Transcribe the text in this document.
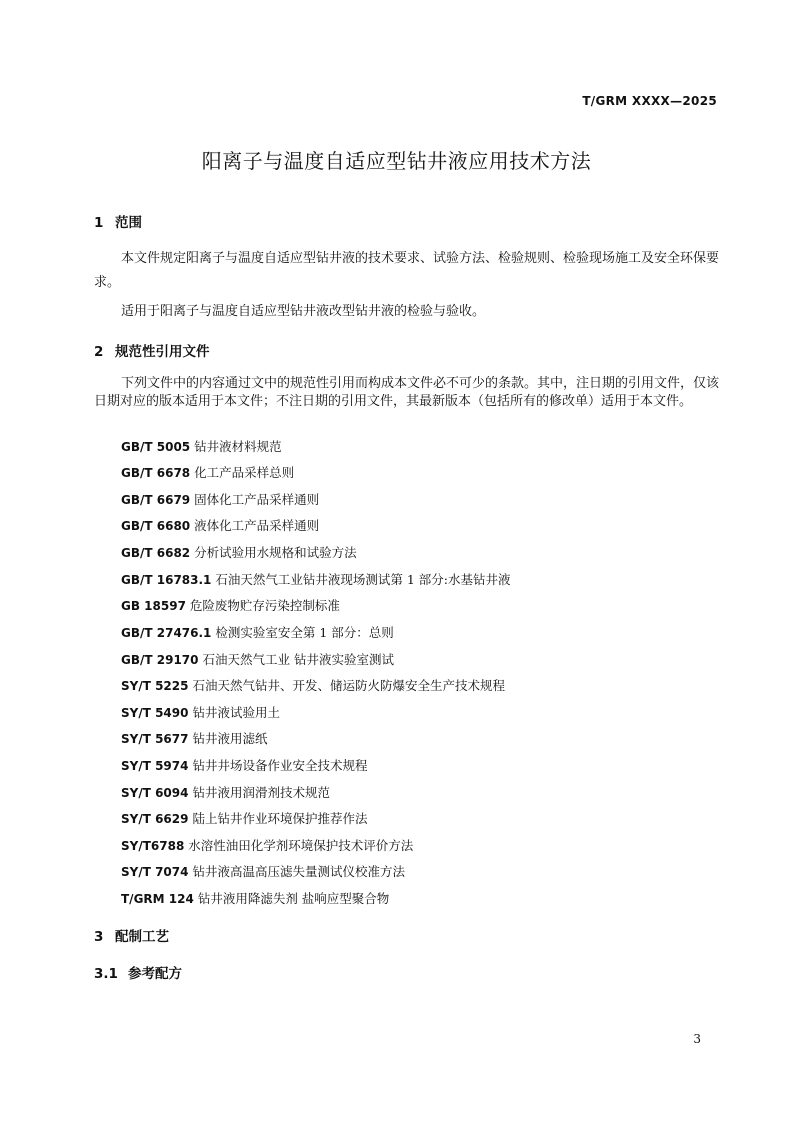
T/GRM XXXX—2025
阳离子与温度自适应型钻井液应用技术方法
1 范围

本文件规定阳离子与温度自适应型钻井液的技术要求、试验方法、检验规则、检验现场施工及安全环保要求。

适用于阳离子与温度自适应型钻井液改型钻井液的检验与验收。

2 规范性引用文件

下列文件中的内容通过文中的规范性引用而构成本文件必不可少的条款。其中，注日期的引用文件，仅该日期对应的版本适用于本文件；不注日期的引用文件，其最新版本（包括所有的修改单）适用于本文件。

GB/T 5005 钻井液材料规范
GB/T 6678 化工产品采样总则
GB/T 6679 固体化工产品采样通则
GB/T 6680 液体化工产品采样通则
GB/T 6682 分析试验用水规格和试验方法
GB/T 16783.1 石油天然气工业钻井液现场测试第 1 部分:水基钻井液
GB 18597 危险废物贮存污染控制标准
GB/T 27476.1 检测实验室安全第 1 部分：总则
GB/T 29170 石油天然气工业 钻井液实验室测试
SY/T 5225 石油天然气钻井、开发、储运防火防爆安全生产技术规程
SY/T 5490 钻井液试验用土
SY/T 5677 钻井液用滤纸
SY/T 5974 钻井井场设备作业安全技术规程
SY/T 6094 钻井液用润滑剂技术规范
SY/T 6629 陆上钻井作业环境保护推荐作法
SY/T6788 水溶性油田化学剂环境保护技术评价方法
SY/T 7074 钻井液高温高压滤失量测试仪校准方法
T/GRM 124 钻井液用降滤失剂 盐响应型聚合物
3 配制工艺
3.1 参考配方
3
